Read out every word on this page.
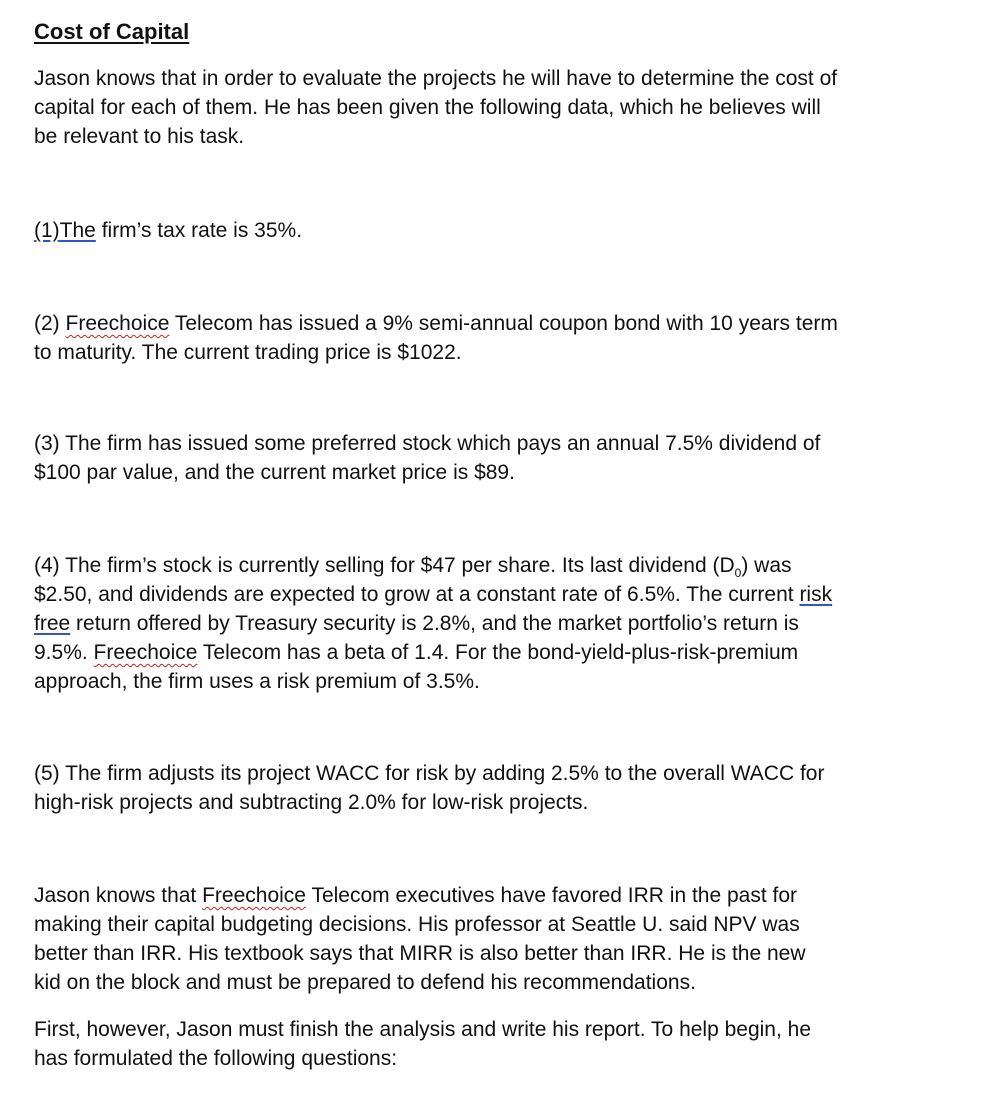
Cost of Capital

Jason knows that in order to evaluate the projects he will have to determine the cost of
capital for each of them. He has been given the following data, which he believes will
be relevant to his task.

(1)The firm’s tax rate is 35%.

(2) Freechoice Telecom has issued a 9% semi-annual coupon bond with 10 years term
to maturity. The current trading price is $1022.

(3) The firm has issued some preferred stock which pays an annual 7.5% dividend of
$100 par value, and the current market price is $89.

(4) The firm’s stock is currently selling for $47 per share. Its last dividend $(D_0)$ was
$2.50, and dividends are expected to grow at a constant rate of 6.5%. The current risk
free return offered by Treasury security is 2.8%, and the market portfolio’s return is
9.5%. Freechoice Telecom has a beta of 1.4. For the bond-yield-plus-risk-premium
approach, the firm uses a risk premium of 3.5%.

(5) The firm adjusts its project WACC for risk by adding 2.5% to the overall WACC for
high-risk projects and subtracting 2.0% for low-risk projects.

Jason knows that Freechoice Telecom executives have favored IRR in the past for
making their capital budgeting decisions. His professor at Seattle U. said NPV was
better than IRR. His textbook says that MIRR is also better than IRR. He is the new
kid on the block and must be prepared to defend his recommendations.

First, however, Jason must finish the analysis and write his report. To help begin, he
has formulated the following questions:
